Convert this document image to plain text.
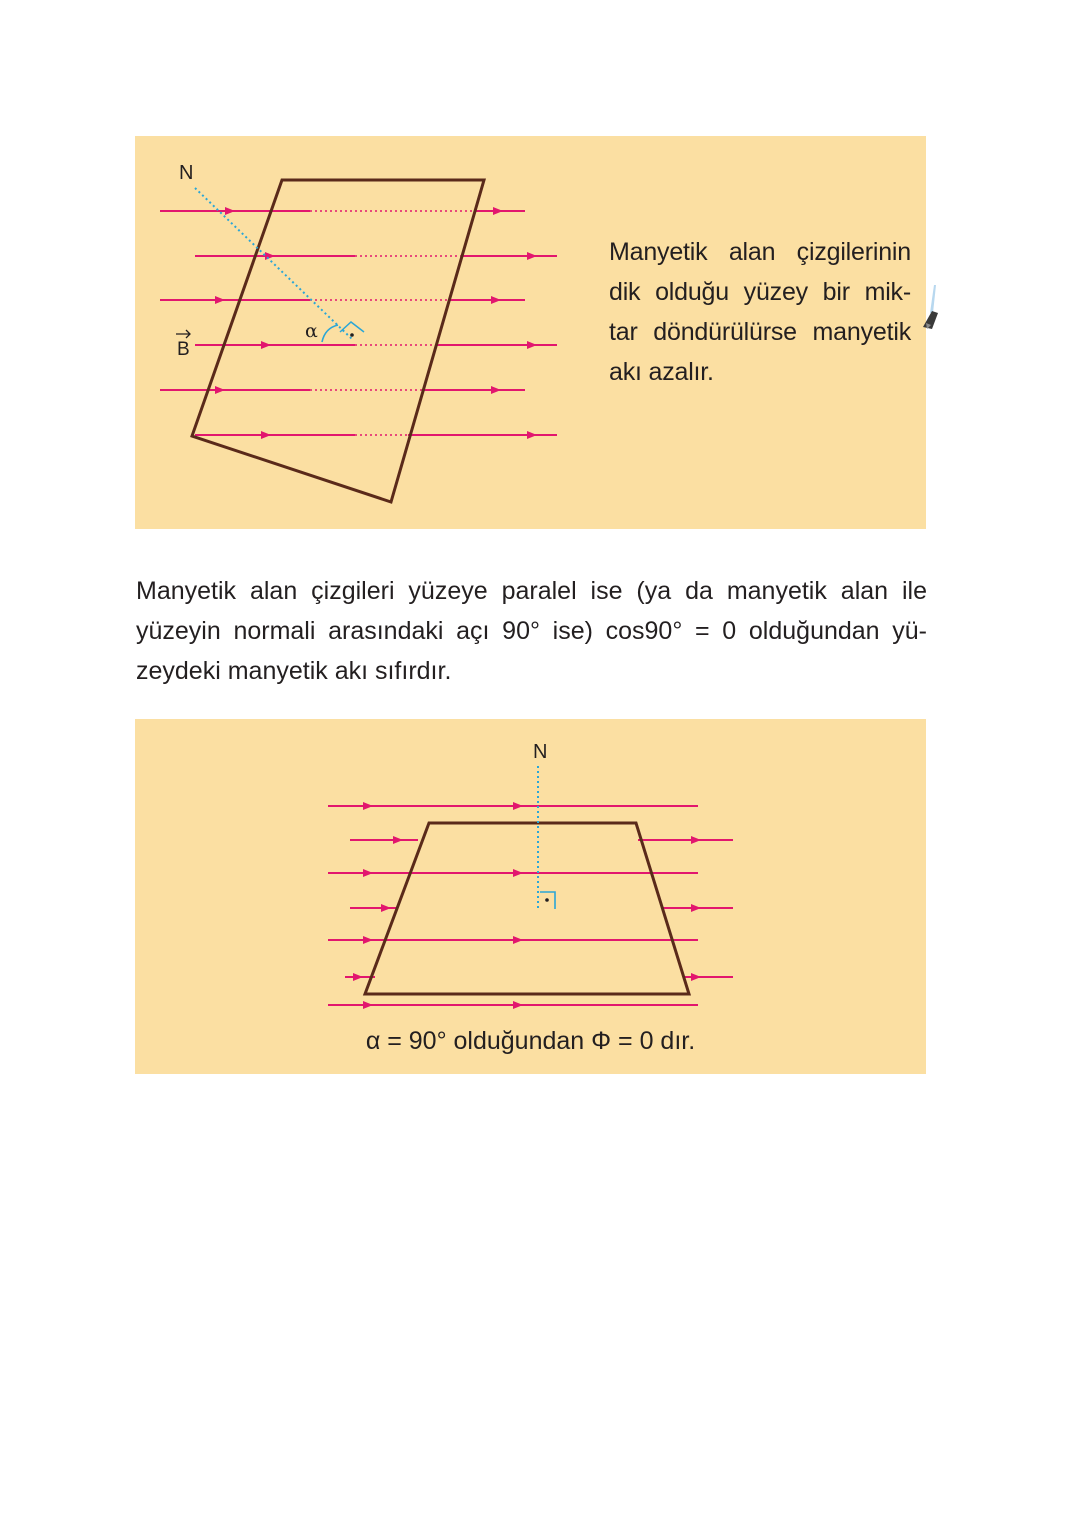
N
B
α
Manyetik alan çizgilerinin
dik olduğu yüzey bir mik-
tar döndürülürse manyetik
akı azalır.
Manyetik alan çizgileri yüzeye paralel ise (ya da manyetik alan ile
yüzeyin normali arasındaki açı 90° ise) cos90° = 0 olduğundan yü-
zeydeki manyetik akı sıfırdır.
N
α = 90° olduğundan Φ = 0 dır.
